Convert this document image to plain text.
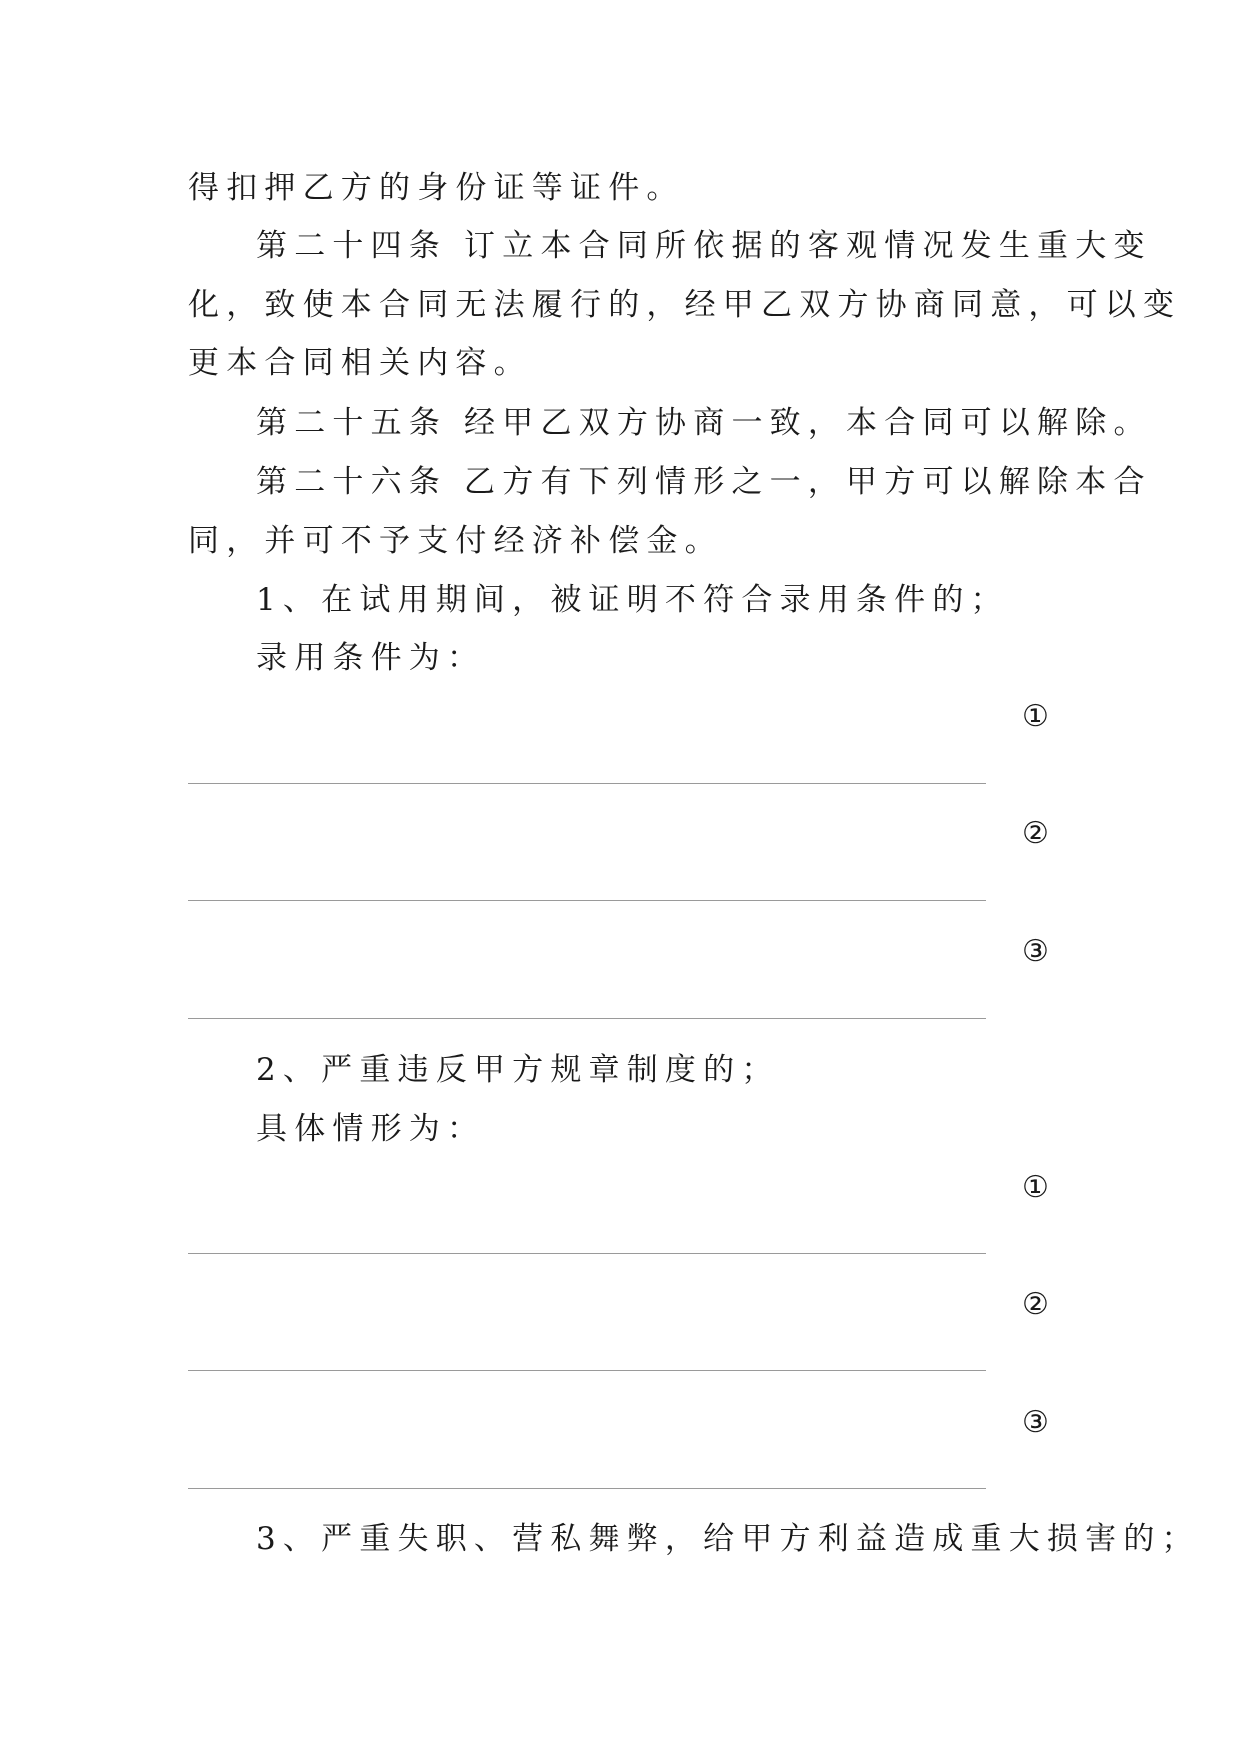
得扣押乙方的身份证等证件。
第二十四条 订立本合同所依据的客观情况发生重大变
化，致使本合同无法履行的，经甲乙双方协商同意，可以变
更本合同相关内容。
第二十五条 经甲乙双方协商一致，本合同可以解除。
第二十六条 乙方有下列情形之一，甲方可以解除本合
同，并可不予支付经济补偿金。
1、在试用期间，被证明不符合录用条件的；
录用条件为：
①
②
③
2、严重违反甲方规章制度的；
具体情形为：
①
②
③
3、严重失职、营私舞弊，给甲方利益造成重大损害的；
